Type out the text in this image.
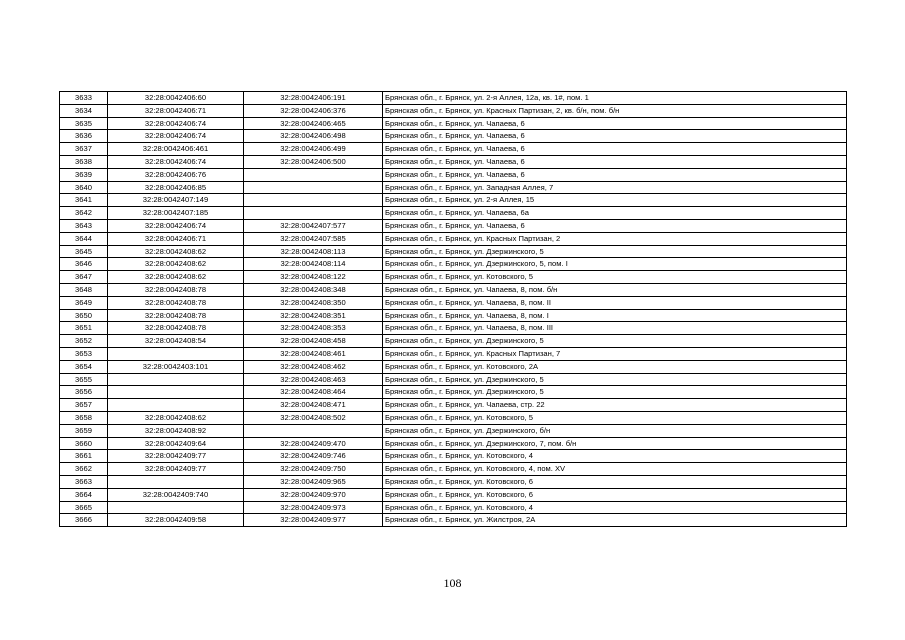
3633	32:28:0042406:60	32:28:0042406:191	Брянская обл., г. Брянск, ул. 2-я Аллея, 12а, кв. 1#, пом. 1
3634	32:28:0042406:71	32:28:0042406:376	Брянская обл., г. Брянск, ул. Красных Партизан, 2, кв. б/н, пом. б/н
3635	32:28:0042406:74	32:28:0042406:465	Брянская обл., г. Брянск, ул. Чапаева, 6
3636	32:28:0042406:74	32:28:0042406:498	Брянская обл., г. Брянск, ул. Чапаева, 6
3637	32:28:0042406:461	32:28:0042406:499	Брянская обл., г. Брянск, ул. Чапаева, 6
3638	32:28:0042406:74	32:28:0042406:500	Брянская обл., г. Брянск, ул. Чапаева, 6
3639	32:28:0042406:76		Брянская обл., г. Брянск, ул. Чапаева, 6
3640	32:28:0042406:85		Брянская обл., г. Брянск, ул. Западная Аллея, 7
3641	32:28:0042407:149		Брянская обл., г. Брянск, ул. 2-я Аллея, 15
3642	32:28:0042407:185		Брянская обл., г. Брянск, ул. Чапаева, 6а
3643	32:28:0042406:74	32:28:0042407:577	Брянская обл., г. Брянск, ул. Чапаева, 6
3644	32:28:0042406:71	32:28:0042407:585	Брянская обл., г. Брянск, ул. Красных Партизан, 2
3645	32:28:0042408:62	32:28:0042408:113	Брянская обл., г. Брянск, ул. Дзержинского, 5
3646	32:28:0042408:62	32:28:0042408:114	Брянская обл., г. Брянск, ул. Дзержинского, 5, пом. I
3647	32:28:0042408:62	32:28:0042408:122	Брянская обл., г. Брянск, ул. Котовского, 5
3648	32:28:0042408:78	32:28:0042408:348	Брянская обл., г. Брянск, ул. Чапаева, 8, пом. б/н
3649	32:28:0042408:78	32:28:0042408:350	Брянская обл., г. Брянск, ул. Чапаева, 8, пом. II
3650	32:28:0042408:78	32:28:0042408:351	Брянская обл., г. Брянск, ул. Чапаева, 8, пом. I
3651	32:28:0042408:78	32:28:0042408:353	Брянская обл., г. Брянск, ул. Чапаева, 8, пом. III
3652	32:28:0042408:54	32:28:0042408:458	Брянская обл., г. Брянск, ул. Дзержинского, 5
3653		32:28:0042408:461	Брянская обл., г. Брянск, ул. Красных Партизан, 7
3654	32:28:0042403:101	32:28:0042408:462	Брянская обл., г. Брянск, ул. Котовского, 2А
3655		32:28:0042408:463	Брянская обл., г. Брянск, ул. Дзержинского, 5
3656		32:28:0042408:464	Брянская обл., г. Брянск, ул. Дзержинского, 5
3657		32:28:0042408:471	Брянская обл., г. Брянск, ул. Чапаева, стр. 22
3658	32:28:0042408:62	32:28:0042408:502	Брянская обл., г. Брянск, ул. Котовского, 5
3659	32:28:0042408:92		Брянская обл., г. Брянск, ул. Дзержинского, б/н
3660	32:28:0042409:64	32:28:0042409:470	Брянская обл., г. Брянск, ул. Дзержинского, 7, пом. б/н
3661	32:28:0042409:77	32:28:0042409:746	Брянская обл., г. Брянск, ул. Котовского, 4
3662	32:28:0042409:77	32:28:0042409:750	Брянская обл., г. Брянск, ул. Котовского, 4, пом. XV
3663		32:28:0042409:965	Брянская обл., г. Брянск, ул. Котовского, 6
3664	32:28:0042409:740	32:28:0042409:970	Брянская обл., г. Брянск, ул. Котовского, 6
3665		32:28:0042409:973	Брянская обл., г. Брянск, ул. Котовского, 4
3666	32:28:0042409:58	32:28:0042409:977	Брянская обл., г. Брянск, ул. Жилстроя, 2А
108
